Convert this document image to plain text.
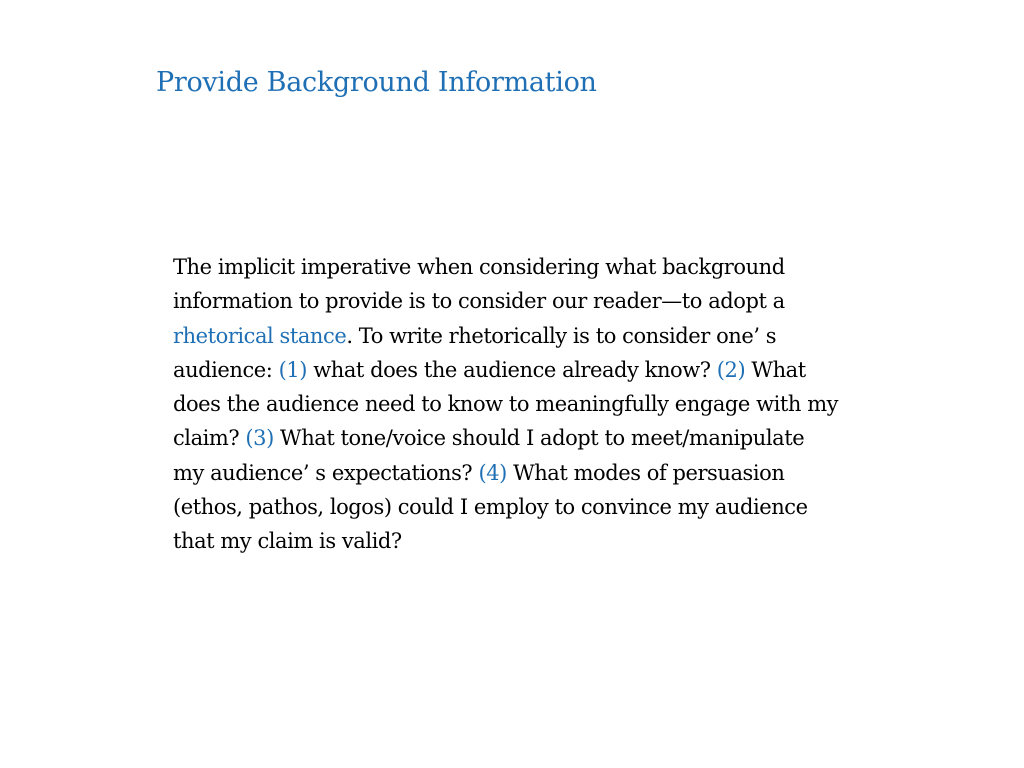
Provide Background Information
The implicit imperative when considering what background
information to provide is to consider our reader—to adopt a
rhetorical stance. To write rhetorically is to consider one’ s
audience: (1) what does the audience already know? (2) What
does the audience need to know to meaningfully engage with my
claim? (3) What tone/voice should I adopt to meet/manipulate
my audience’ s expectations? (4) What modes of persuasion
(ethos, pathos, logos) could I employ to convince my audience
that my claim is valid?
